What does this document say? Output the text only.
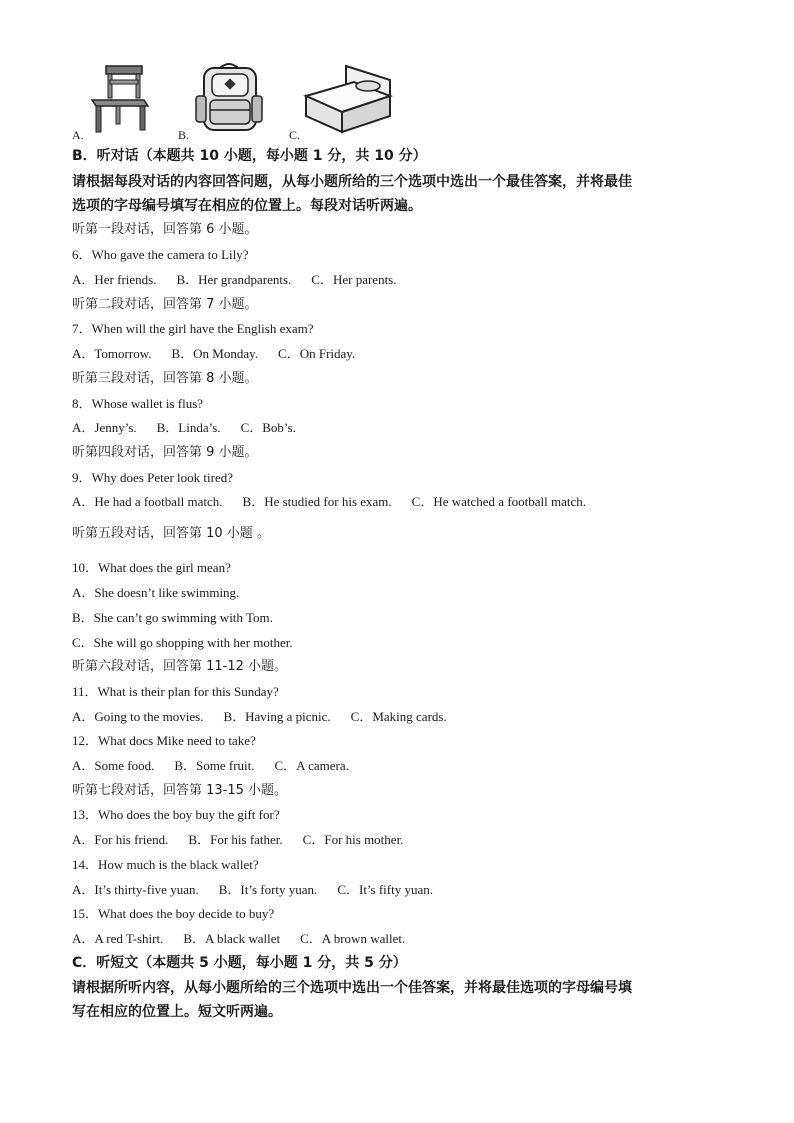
A.	B.	C.
B．听对话（本题共 10 小题，每小题 1 分，共 10 分）
请根据每段对话的内容回答问题，从每小题所给的三个选项中选出一个最佳答案，并将最佳
选项的字母编号填写在相应的位置上。每段对话听两遍。
听第一段对话，回答第 6 小题。
6．Who gave the camera to Lily?
A．Her friends. B．Her grandparents. C．Her parents.
听第二段对话，回答第 7 小题。
7．When will the girl have the English exam?
A．Tomorrow. B．On Monday. C．On Friday.
听第三段对话，回答第 8 小题。
8．Whose wallet is flus?
A．Jenny’s. B．Linda’s. C．Bob’s.
听第四段对话，回答第 9 小题。
9．Why does Peter look tired?
A．He had a football match. B．He studied for his exam. C．He watched a football match.
听第五段对话，回答第 10 小题 。
10．What does the girl mean?
A．She doesn’t like swimming.
B．She can’t go swimming with Tom.
C．She will go shopping with her mother.
听第六段对话，回答第 11-12 小题。
11．What is their plan for this Sunday?
A．Going to the movies. B．Having a picnic. C．Making cards.
12．What docs Mike need to take?
A．Some food. B．Some fruit. C．A camera.
听第七段对话，回答第 13-15 小题。
13．Who does the boy buy the gift for?
A．For his friend. B．For his father. C．For his mother.
14．How much is the black wallet?
A．It’s thirty-five yuan. B．It’s forty yuan. C．It’s fifty yuan.
15．What does the boy decide to buy?
A．A red T-shirt. B．A black wallet C．A brown wallet.
C．听短文（本题共 5 小题，每小题 1 分，共 5 分）
请根据所听内容，从每小题所给的三个选项中选出一个佳答案，并将最佳选项的字母编号填
写在相应的位置上。短文听两遍。
